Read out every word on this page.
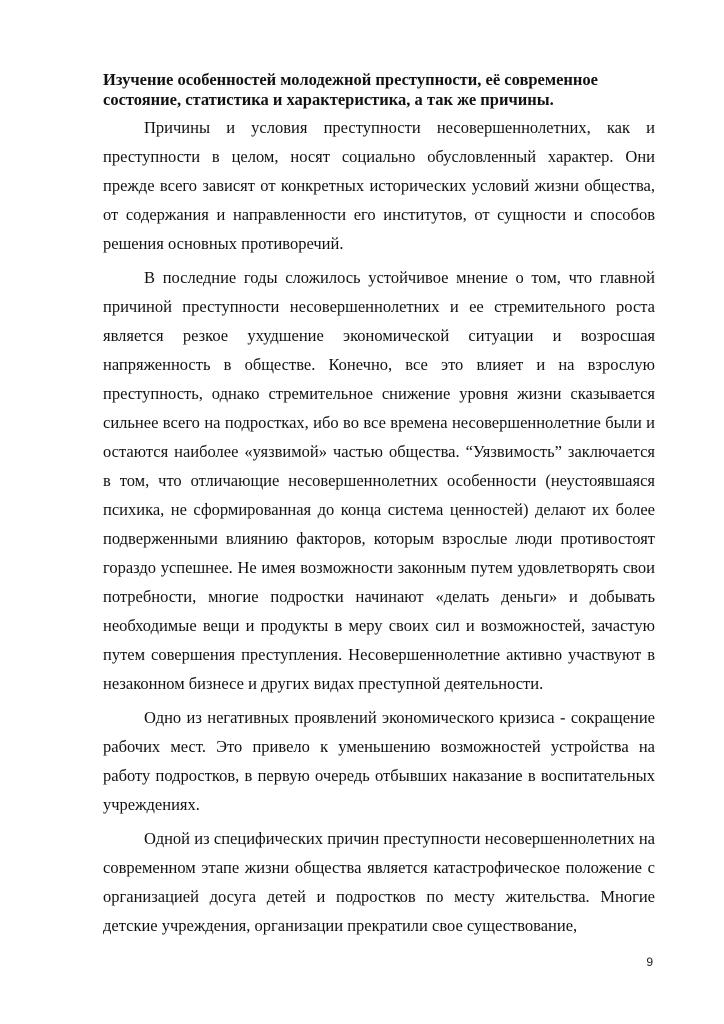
Изучение особенностей молодежной преступности, её современное состояние, статистика и характеристика, а так же причины.

Причины и условия преступности несовершеннолетних, как и преступности в целом, носят социально обусловленный характер. Они прежде всего зависят от конкретных исторических условий жизни общества, от содержания и направленности его институтов, от сущности и способов решения основных противоречий.

В последние годы сложилось устойчивое мнение о том, что главной причиной преступности несовершеннолетних и ее стремительного роста является резкое ухудшение экономической ситуации и возросшая напряженность в обществе. Конечно, все это влияет и на взрослую преступность, однако стремительное снижение уровня жизни сказывается сильнее всего на подростках, ибо во все времена несовершеннолетние были и остаются наиболее «уязвимой» частью общества. “Уязвимость” заключается в том, что отличающие несовершеннолетних особенности (неустоявшаяся психика, не сформированная до конца система ценностей) делают их более подверженными влиянию факторов, которым взрослые люди противостоят гораздо успешнее. Не имея возможности законным путем удовлетворять свои потребности, многие подростки начинают «делать деньги» и добывать необходимые вещи и продукты в меру своих сил и возможностей, зачастую путем совершения преступления. Несовершеннолетние активно участвуют в незаконном бизнесе и других видах преступной деятельности.

Одно из негативных проявлений экономического кризиса - сокращение рабочих мест. Это привело к уменьшению возможностей устройства на работу подростков, в первую очередь отбывших наказание в воспитательных учреждениях.

Одной из специфических причин преступности несовершеннолетних на современном этапе жизни общества является катастрофическое положение с организацией досуга детей и подростков по месту жительства. Многие детские учреждения, организации прекратили свое существование,

9
